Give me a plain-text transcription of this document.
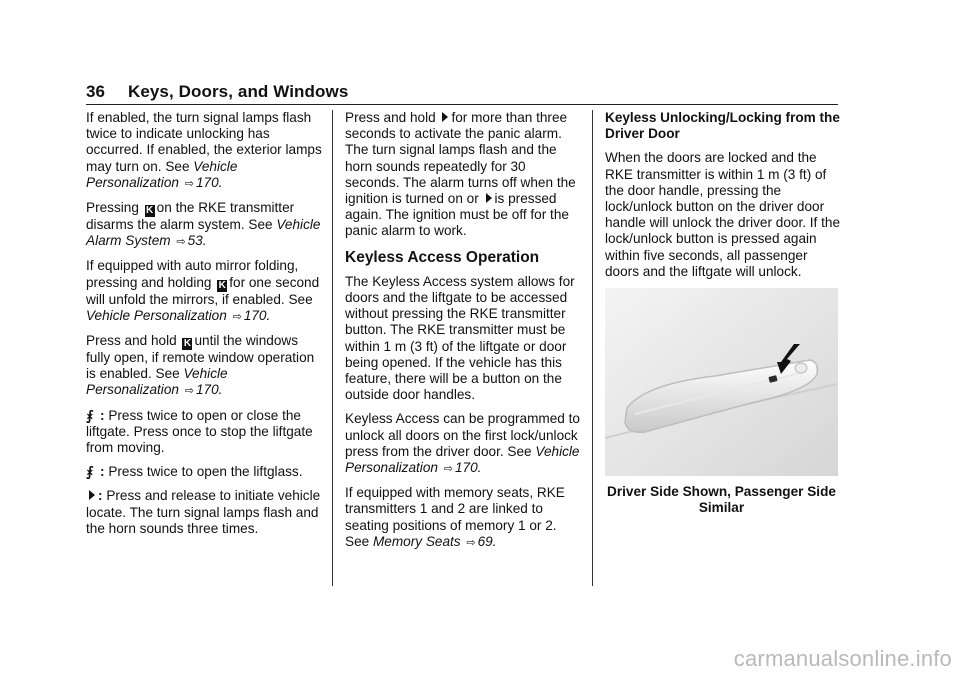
36 Keys, Doors, and Windows

If enabled, the turn signal lamps flash twice to indicate unlocking has occurred. If enabled, the exterior lamps may turn on. See Vehicle Personalization ⇨ 170.

Pressing K on the RKE transmitter disarms the alarm system. See Vehicle Alarm System ⇨ 53.

If equipped with auto mirror folding, pressing and holding K for one second will unfold the mirrors, if enabled. See Vehicle Personalization ⇨ 170.

Press and hold K until the windows fully open, if remote window operation is enabled. See Vehicle Personalization ⇨ 170.

⨘ : Press twice to open or close the liftgate. Press once to stop the liftgate from moving.

⨘ : Press twice to open the liftglass.

: Press and release to initiate vehicle locate. The turn signal lamps flash and the horn sounds three times.

Press and hold for more than three seconds to activate the panic alarm. The turn signal lamps flash and the horn sounds repeatedly for 30 seconds. The alarm turns off when the ignition is turned on or is pressed again. The ignition must be off for the panic alarm to work.

Keyless Access Operation

The Keyless Access system allows for doors and the liftgate to be accessed without pressing the RKE transmitter button. The RKE transmitter must be within 1 m (3 ft) of the liftgate or door being opened. If the vehicle has this feature, there will be a button on the outside door handles.

Keyless Access can be programmed to unlock all doors on the first lock/unlock press from the driver door. See Vehicle Personalization ⇨ 170.

If equipped with memory seats, RKE transmitters 1 and 2 are linked to seating positions of memory 1 or 2. See Memory Seats ⇨ 69.

Keyless Unlocking/Locking from the Driver Door

When the doors are locked and the RKE transmitter is within 1 m (3 ft) of the door handle, pressing the lock/unlock button on the driver door handle will unlock the driver door. If the lock/unlock button is pressed again within five seconds, all passenger doors and the liftgate will unlock.

Driver Side Shown, Passenger Side Similar
carmanualsonline.info
